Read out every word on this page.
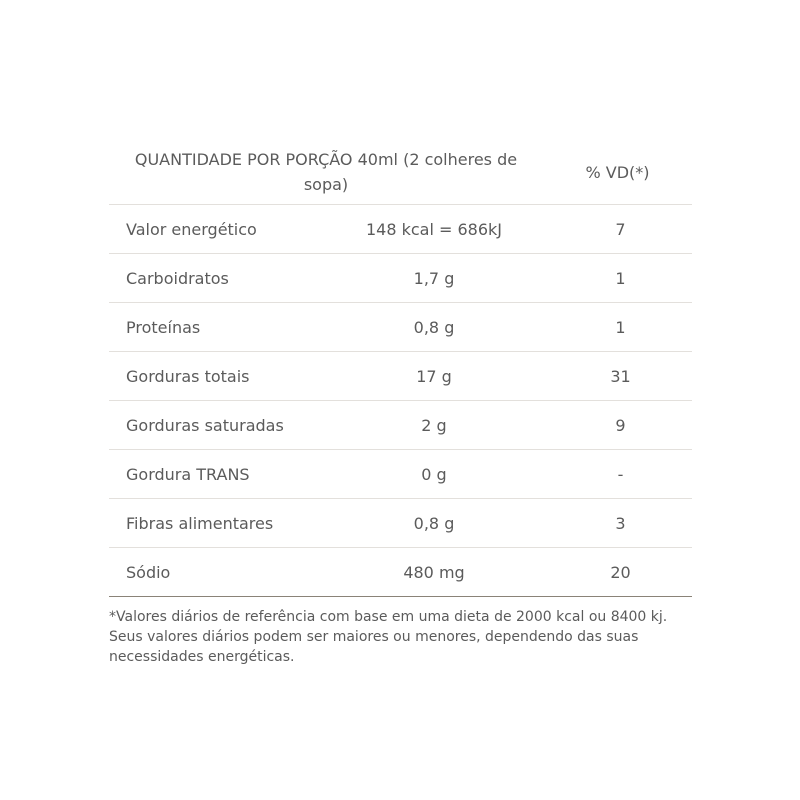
QUANTIDADE POR PORÇÃO 40ml (2 colheres de
sopa)
% VD(*)
Valor energético	148 kcal = 686kJ	7
Carboidratos	1,7 g	1
Proteínas	0,8 g	1
Gorduras totais	17 g	31
Gorduras saturadas	2 g	9
Gordura TRANS	0 g	-
Fibras alimentares	0,8 g	3
Sódio	480 mg	20
*Valores diários de referência com base em uma dieta de 2000 kcal ou 8400 kj.
Seus valores diários podem ser maiores ou menores, dependendo das suas
necessidades energéticas.
